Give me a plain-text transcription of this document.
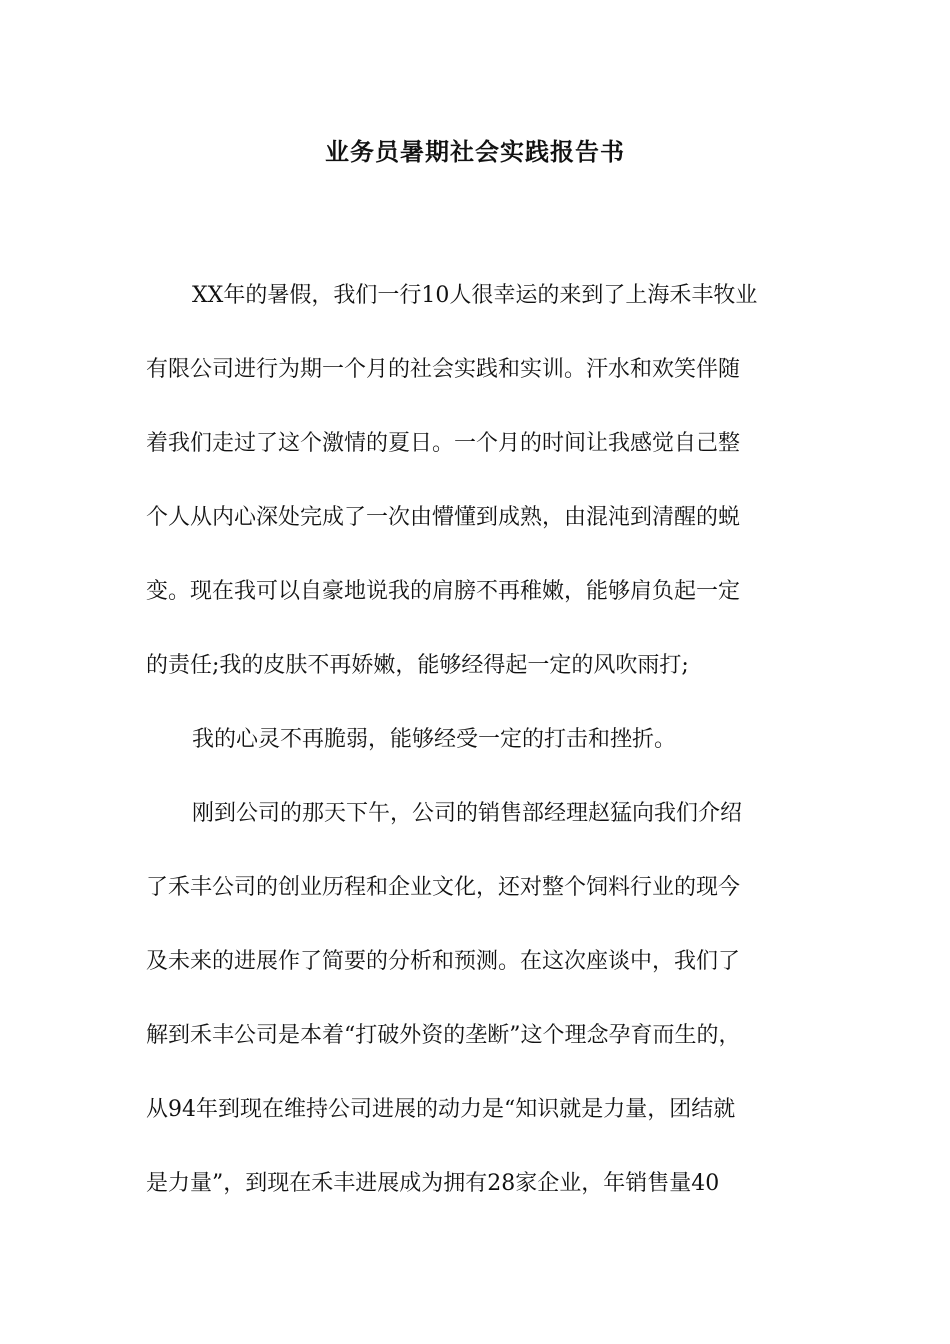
业务员暑期社会实践报告书
XX年的暑假，我们一行10人很幸运的来到了上海禾丰牧业
有限公司进行为期一个月的社会实践和实训。汗水和欢笑伴随
着我们走过了这个激情的夏日。一个月的时间让我感觉自己整
个人从内心深处完成了一次由懵懂到成熟，由混沌到清醒的蜕
变。现在我可以自豪地说我的肩膀不再稚嫩，能够肩负起一定
的责任;我的皮肤不再娇嫩，能够经得起一定的风吹雨打;
我的心灵不再脆弱，能够经受一定的打击和挫折。
刚到公司的那天下午，公司的销售部经理赵猛向我们介绍
了禾丰公司的创业历程和企业文化，还对整个饲料行业的现今
及未来的进展作了简要的分析和预测。在这次座谈中，我们了
解到禾丰公司是本着“打破外资的垄断”这个理念孕育而生的，
从94年到现在维持公司进展的动力是“知识就是力量，团结就
是力量”，到现在禾丰进展成为拥有28家企业，年销售量40
